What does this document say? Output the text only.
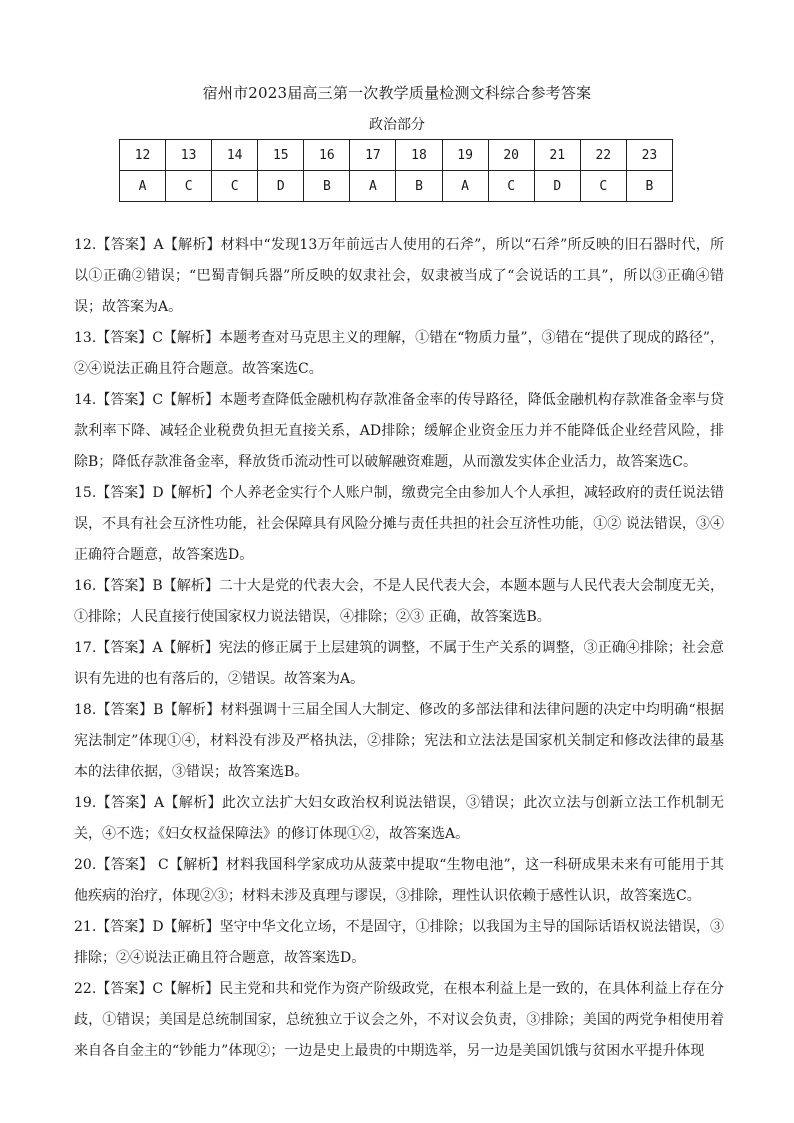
宿州市2023届高三第一次教学质量检测文科综合参考答案
政治部分
12	13	14	15	16	17	18	19	20	21	22	23
A	C	C	D	B	A	B	A	C	D	C	B

12.【答案】A【解析】材料中“发现13万年前远古人使用的石斧”，所以“石斧”所反映的旧石器时代，所以①正确②错误；“巴蜀青铜兵器”所反映的奴隶社会，奴隶被当成了“会说话的工具”，所以③正确④错误；故答案为A。

13.【答案】C【解析】本题考查对马克思主义的理解，①错在“物质力量”，③错在“提供了现成的路径”，②④说法正确且符合题意。故答案选C。

14.【答案】C【解析】本题考查降低金融机构存款准备金率的传导路径，降低金融机构存款准备金率与贷款利率下降、减轻企业税费负担无直接关系，AD排除；缓解企业资金压力并不能降低企业经营风险，排除B；降低存款准备金率，释放货币流动性可以破解融资难题，从而激发实体企业活力，故答案选C。

15.【答案】D【解析】个人养老金实行个人账户制，缴费完全由参加人个人承担，减轻政府的责任说法错误，不具有社会互济性功能，社会保障具有风险分摊与责任共担的社会互济性功能，①② 说法错误，③④正确符合题意，故答案选D。

16.【答案】B【解析】二十大是党的代表大会，不是人民代表大会，本题本题与人民代表大会制度无关，①排除；人民直接行使国家权力说法错误，④排除；②③ 正确，故答案选B。

17.【答案】A【解析】宪法的修正属于上层建筑的调整，不属于生产关系的调整，③正确④排除；社会意识有先进的也有落后的，②错误。故答案为A。

18.【答案】B【解析】材料强调十三届全国人大制定、修改的多部法律和法律问题的决定中均明确“根据宪法制定”体现①④，材料没有涉及严格执法，②排除；宪法和立法法是国家机关制定和修改法律的最基本的法律依据，③错误；故答案选B。

19.【答案】A【解析】此次立法扩大妇女政治权利说法错误，③错误；此次立法与创新立法工作机制无关，④不选；《妇女权益保障法》的修订体现①②，故答案选A。

20.【答案】 C【解析】材料我国科学家成功从菠菜中提取“生物电池”，这一科研成果未来有可能用于其他疾病的治疗，体现②③；材料未涉及真理与谬误，③排除，理性认识依赖于感性认识，故答案选C。

21.【答案】D【解析】坚守中华文化立场，不是固守，①排除；以我国为主导的国际话语权说法错误，③排除；②④说法正确且符合题意，故答案选D。

22.【答案】C【解析】民主党和共和党作为资产阶级政党，在根本利益上是一致的，在具体利益上存在分歧，①错误；美国是总统制国家，总统独立于议会之外，不对议会负责，③排除；美国的两党争相使用着来自各自金主的“钞能力”体现②；一边是史上最贵的中期选举，另一边是美国饥饿与贫困水平提升体现
